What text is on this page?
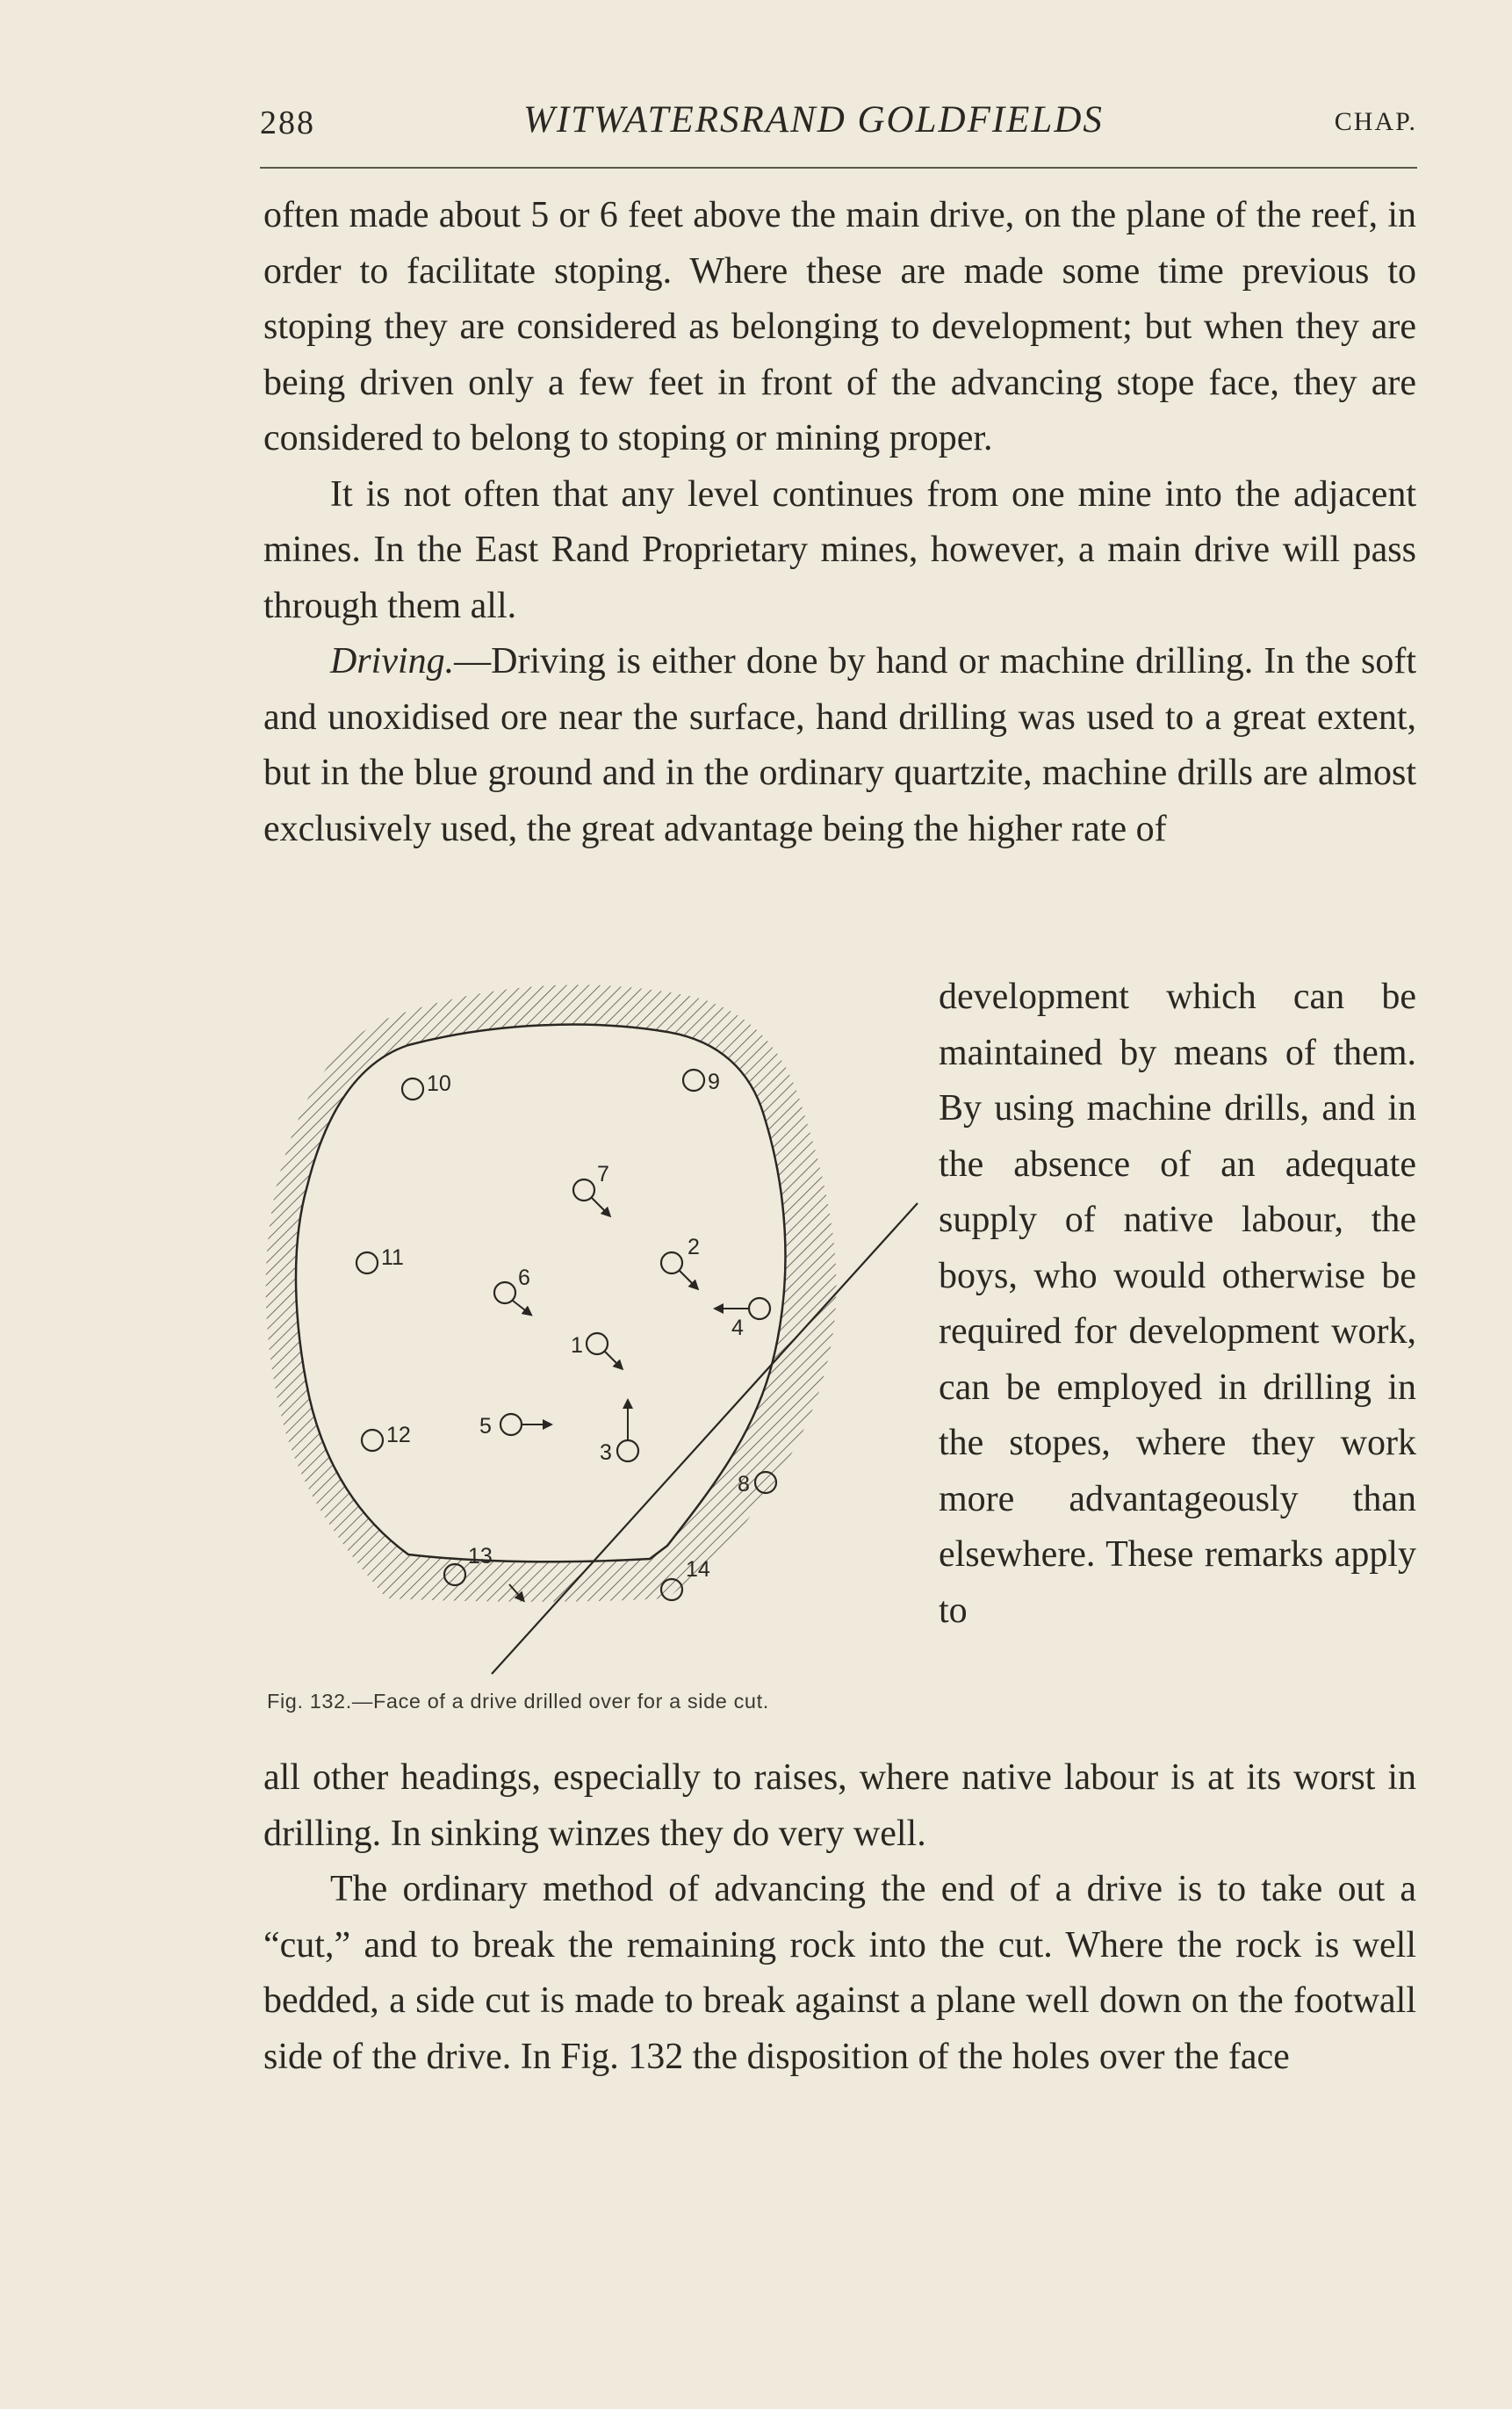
288	WITWATERSRAND GOLDFIELDS	CHAP.

often made about 5 or 6 feet above the main drive, on the plane of the reef, in order to facilitate stoping. Where these are made some time previous to stoping they are considered as belonging to development; but when they are being driven only a few feet in front of the advancing stope face, they are considered to belong to stoping or mining proper.

It is not often that any level continues from one mine into the adjacent mines. In the East Rand Proprietary mines, however, a main drive will pass through them all.

Driving.—Driving is either done by hand or machine drilling. In the soft and unoxidised ore near the surface, hand drilling was used to a great extent, but in the blue ground and in the ordinary quartzite, machine drills are almost exclusively used, the great advantage being the higher rate of

10	9
7
11
6
2
4
1
12	5
3
8
13
14

development which can be maintained by means of them. By using machine drills, and in the absence of an adequate supply of native labour, the boys, who would otherwise be required for development work, can be employed in drilling in the stopes, where they work more advantageously than elsewhere. These remarks apply to

Fig. 132.—Face of a drive drilled over for a side cut.

all other headings, especially to raises, where native labour is at its worst in drilling. In sinking winzes they do very well.

The ordinary method of advancing the end of a drive is to take out a “cut,” and to break the remaining rock into the cut. Where the rock is well bedded, a side cut is made to break against a plane well down on the footwall side of the drive. In Fig. 132 the disposition of the holes over the face
